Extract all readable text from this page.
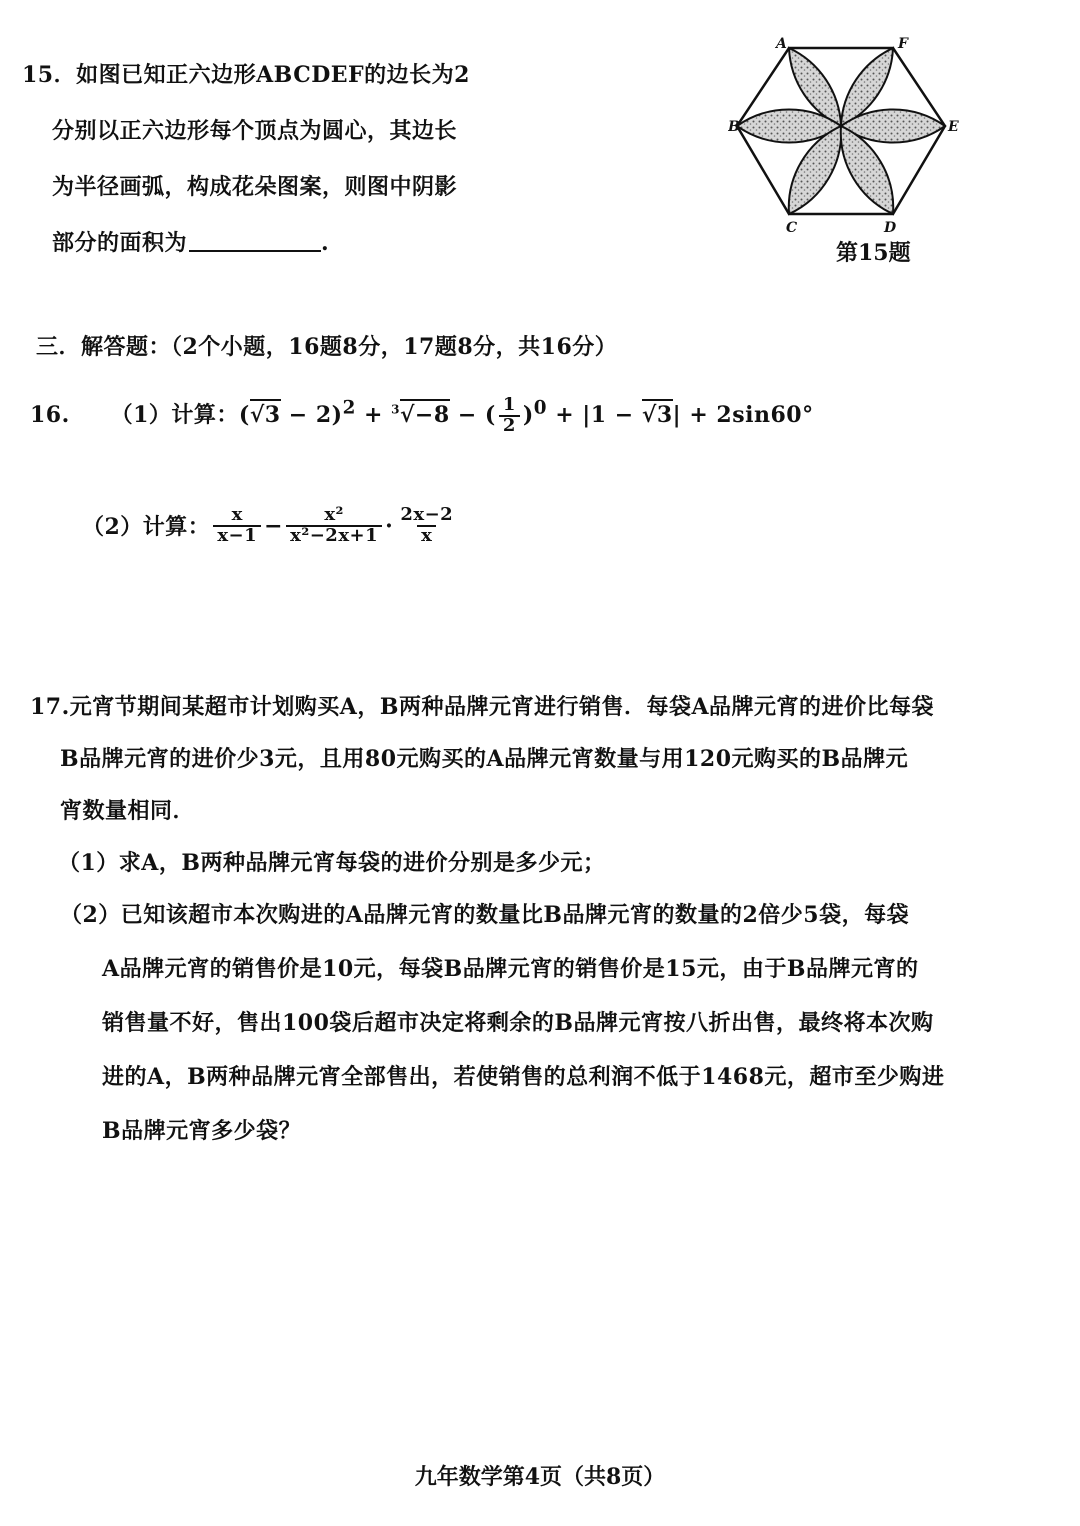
15．如图已知正六边形ABCDEF的边长为2
分别以正六边形每个顶点为圆心，其边长
为半径画弧，构成花朵图案，则图中阴影
部分的面积为	.
A	F
B	E
C	D
第15题
三．解答题：（2个小题，16题8分，17题8分，共16分）
16. （1）计算：$(√3 - 2)^2 + ^3√-8$ − ( $\frac{1}{2} )^0 + |1 - √3| + 2\sin 60^\circ$
（2）计算： $\frac{x}{x-1} - \frac{\text{x²}}{\text{x²−2x+1}} \cdot \frac{2x-2}{x}$
17.元宵节期间某超市计划购买A，B两种品牌元宵进行销售．每袋A品牌元宵的进价比每袋
B品牌元宵的进价少3元，且用80元购买的A品牌元宵数量与用120元购买的B品牌元
宵数量相同．
（1）求A，B两种品牌元宵每袋的进价分别是多少元；
（2）已知该超市本次购进的A品牌元宵的数量比B品牌元宵的数量的2倍少5袋，每袋
A品牌元宵的销售价是10元，每袋B品牌元宵的销售价是15元，由于B品牌元宵的
销售量不好，售出100袋后超市决定将剩余的B品牌元宵按八折出售，最终将本次购
进的A，B两种品牌元宵全部售出，若使销售的总利润不低于1468元，超市至少购进
B品牌元宵多少袋？
九年数学第4页（共8页）
